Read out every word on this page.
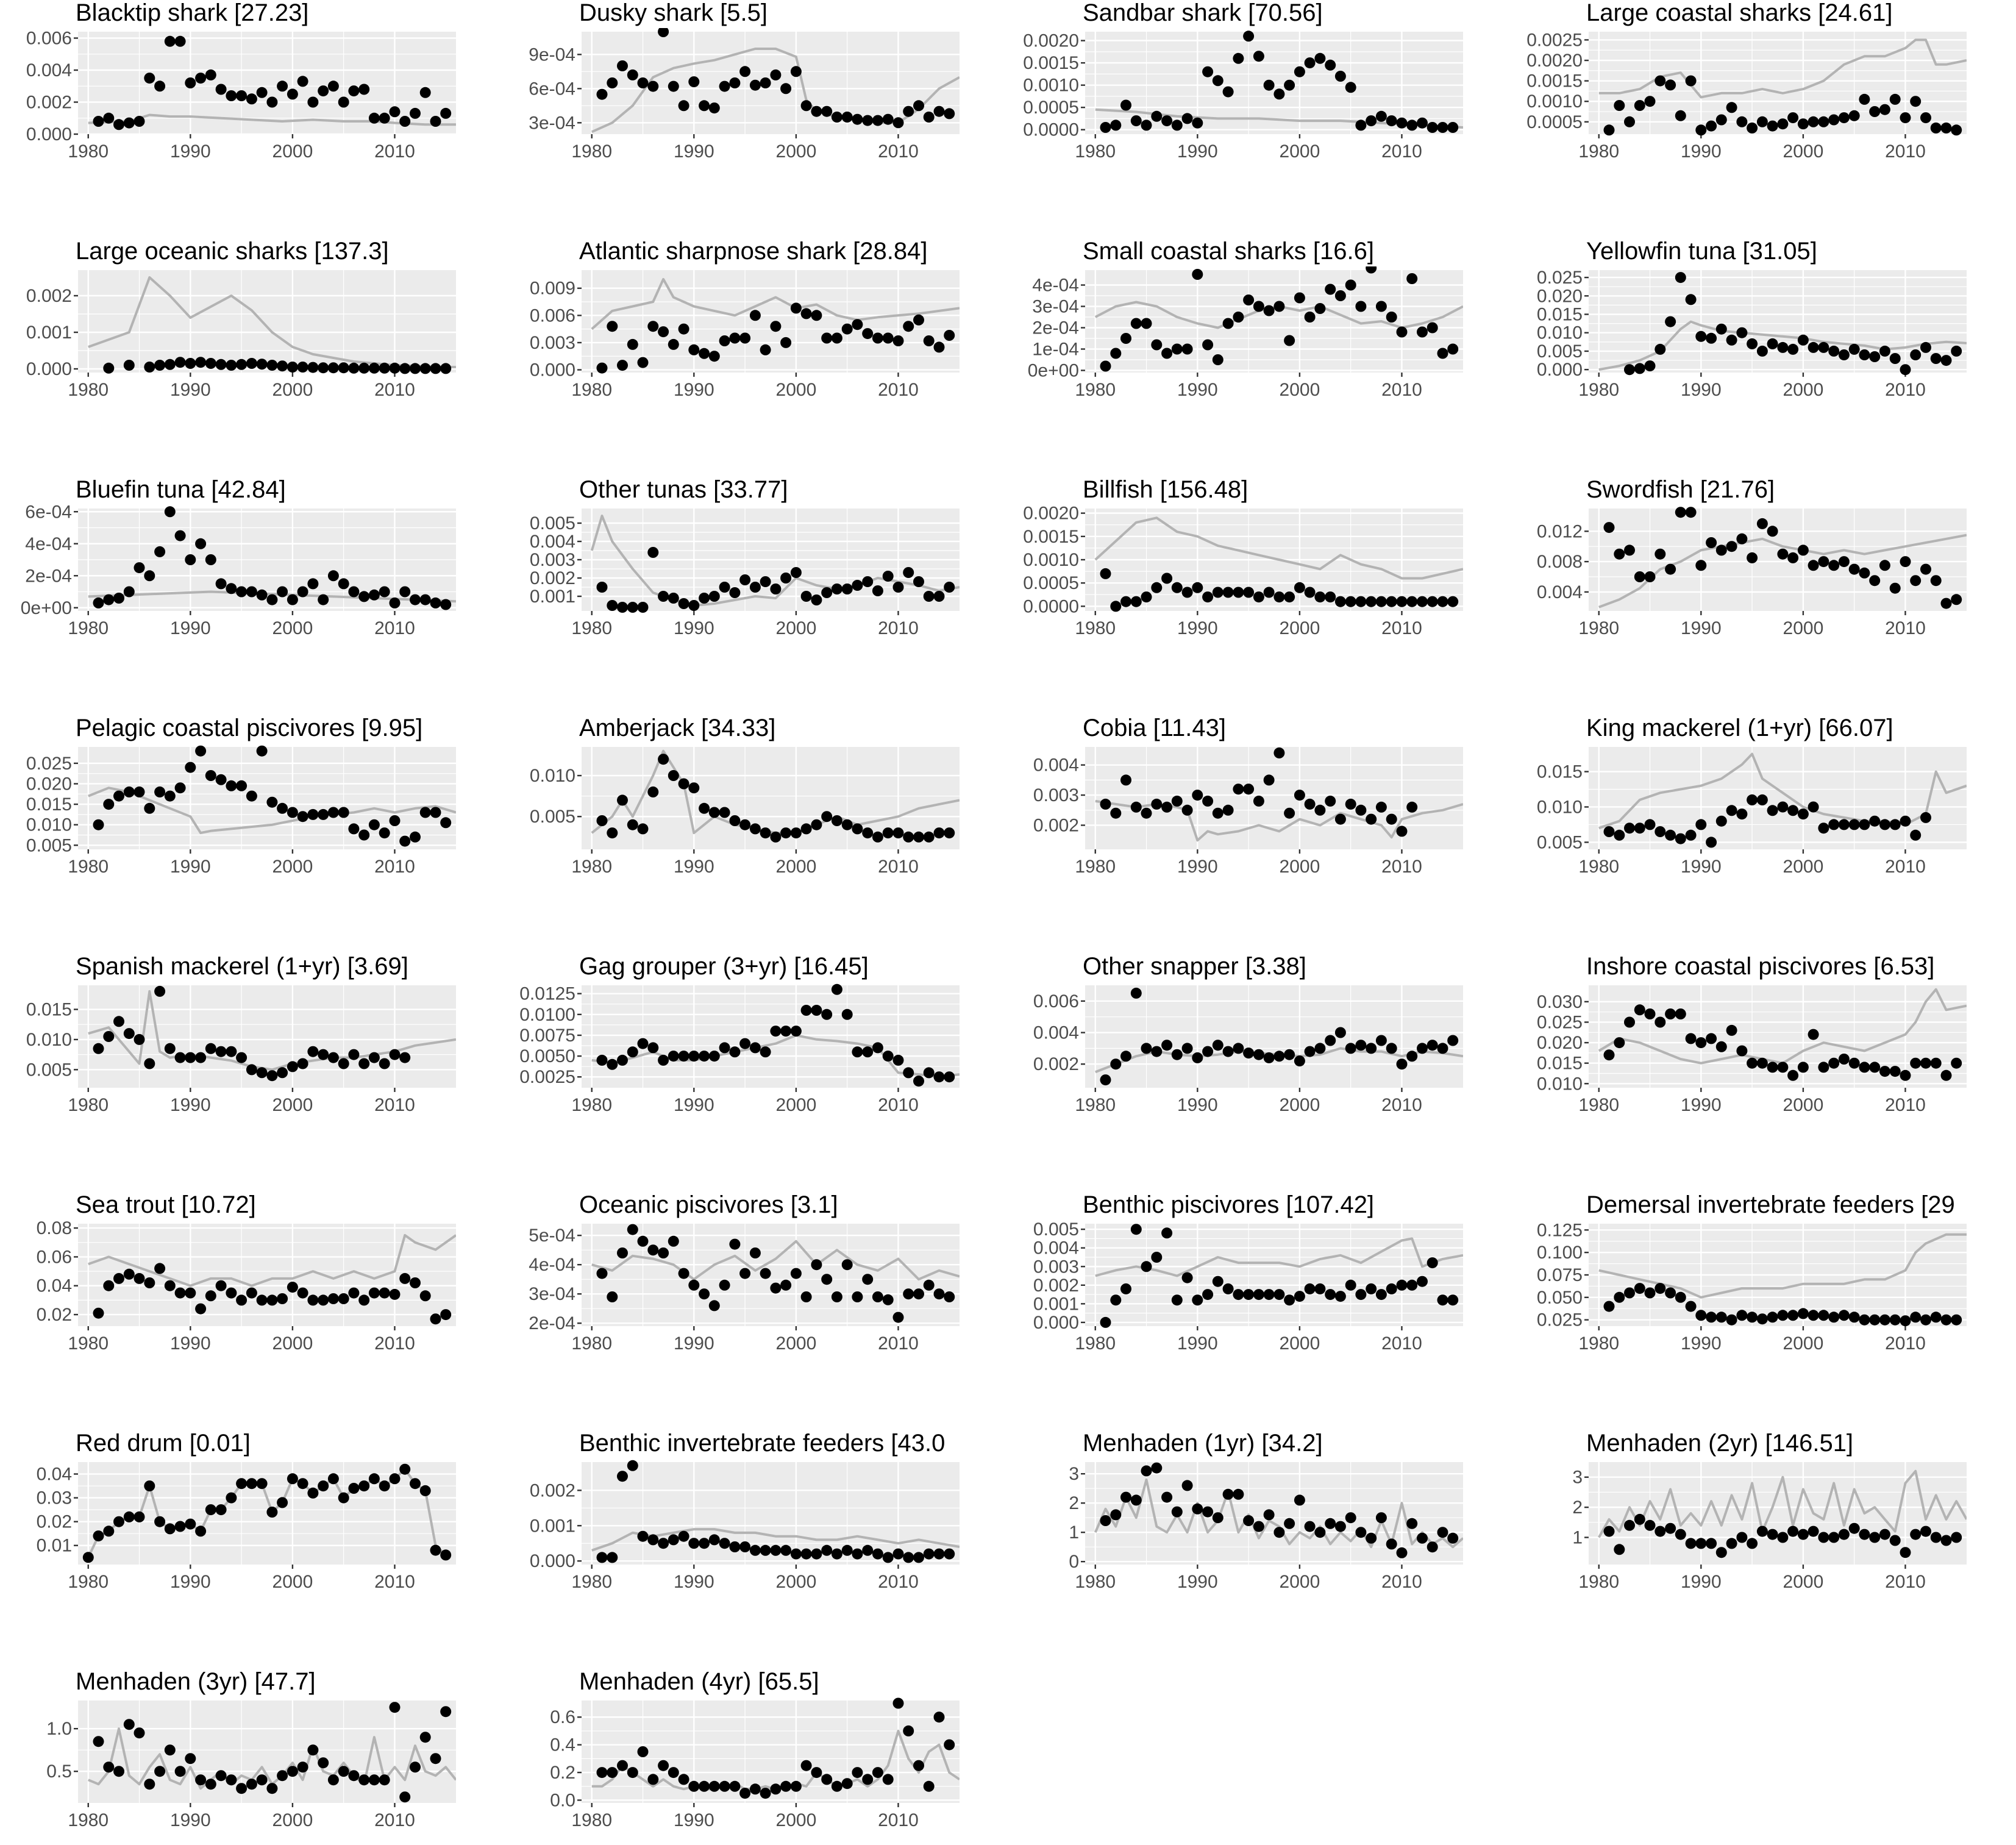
Blacktip shark [27.23]
0.000
0.002
0.004
0.006
1980	1990	2000	2010
Dusky shark [5.5]
3e-04
6e-04
9e-04
1980	1990	2000	2010
Sandbar shark [70.56]
0.0000
0.0005
0.0010
0.0015
0.0020
1980	1990	2000	2010
Large coastal sharks [24.61]
0.0005
0.0010
0.0015
0.0020
0.0025
1980	1990	2000	2010
Large oceanic sharks [137.3]
0.000
0.001
0.002
1980	1990	2000	2010
Atlantic sharpnose shark [28.84]
0.000
0.003
0.006
0.009
1980	1990	2000	2010
Small coastal sharks [16.6]
0e+00
1e-04
2e-04
3e-04
4e-04
1980	1990	2000	2010
Yellowfin tuna [31.05]
0.000
0.005
0.010
0.015
0.020
0.025
1980	1990	2000	2010
Bluefin tuna [42.84]
0e+00
2e-04
4e-04
6e-04
1980	1990	2000	2010
Other tunas [33.77]
0.001
0.002
0.003
0.004
0.005
1980	1990	2000	2010
Billfish [156.48]
0.0000
0.0005
0.0010
0.0015
0.0020
1980	1990	2000	2010
Swordfish [21.76]
0.004
0.008
0.012
1980	1990	2000	2010
Pelagic coastal piscivores [9.95]
0.005
0.010
0.015
0.020
0.025
1980	1990	2000	2010
Amberjack [34.33]
0.005
0.010
1980	1990	2000	2010
Cobia [11.43]
0.002
0.003
0.004
1980	1990	2000	2010
King mackerel (1+yr) [66.07]
0.005
0.010
0.015
1980	1990	2000	2010
Spanish mackerel (1+yr) [3.69]
0.005
0.010
0.015
1980	1990	2000	2010
Gag grouper (3+yr) [16.45]
0.0025
0.0050
0.0075
0.0100
0.0125
1980	1990	2000	2010
Other snapper [3.38]
0.002
0.004
0.006
1980	1990	2000	2010
Inshore coastal piscivores [6.53]
0.010
0.015
0.020
0.025
0.030
1980	1990	2000	2010
Sea trout [10.72]
0.02
0.04
0.06
0.08
1980	1990	2000	2010
Oceanic piscivores [3.1]
2e-04
3e-04
4e-04
5e-04
1980	1990	2000	2010
Benthic piscivores [107.42]
0.000
0.001
0.002
0.003
0.004
0.005
1980	1990	2000	2010
Demersal invertebrate feeders [29
0.025
0.050
0.075
0.100
0.125
1980	1990	2000	2010
Red drum [0.01]
0.01
0.02
0.03
0.04
1980	1990	2000	2010
Benthic invertebrate feeders [43.0
0.000
0.001
0.002
1980	1990	2000	2010
Menhaden (1yr) [34.2]
0
1
2
3
1980	1990	2000	2010
Menhaden (2yr) [146.51]
1
2
3
1980	1990	2000	2010
Menhaden (3yr) [47.7]
0.5
1.0
1980	1990	2000	2010
Menhaden (4yr) [65.5]
0.0
0.2
0.4
0.6
1980	1990	2000	2010
